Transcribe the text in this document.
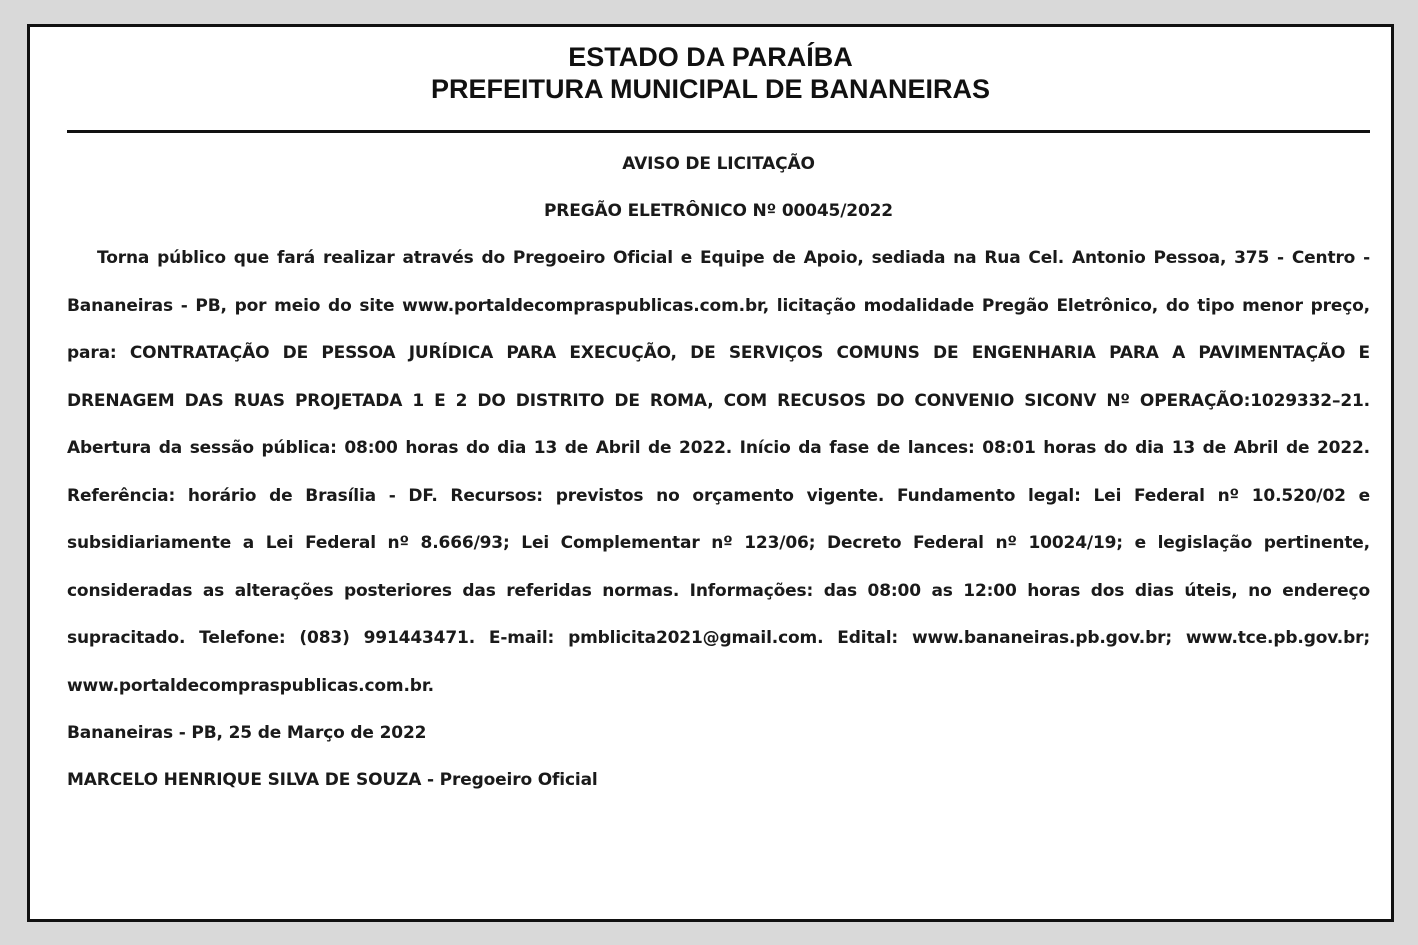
ESTADO DA PARAÍBA
PREFEITURA MUNICIPAL DE BANANEIRAS
AVISO DE LICITAÇÃO
PREGÃO ELETRÔNICO Nº 00045/2022

Torna público que fará realizar através do Pregoeiro Oficial e Equipe de Apoio, sediada na Rua Cel. Antonio Pessoa, 375 - Centro - Bananeiras - PB, por meio do site www.portaldecompraspublicas.com.br, licitação modalidade Pregão Eletrônico, do tipo menor preço, para: CONTRATAÇÃO DE PESSOA JURÍDICA PARA EXECUÇÃO, DE SERVIÇOS COMUNS DE ENGENHARIA PARA A PAVIMENTAÇÃO E DRENAGEM DAS RUAS PROJETADA 1 E 2 DO DISTRITO DE ROMA, COM RECUSOS DO CONVENIO SICONV Nº OPERAÇÃO:1029332–21. Abertura da sessão pública: 08:00 horas do dia 13 de Abril de 2022. Início da fase de lances: 08:01 horas do dia 13 de Abril de 2022. Referência: horário de Brasília - DF. Recursos: previstos no orçamento vigente. Fundamento legal: Lei Federal nº 10.520/02 e subsidiariamente a Lei Federal nº 8.666/93; Lei Complementar nº 123/06; Decreto Federal nº 10024/19; e legislação pertinente, consideradas as alterações posteriores das referidas normas. Informações: das 08:00 as 12:00 horas dos dias úteis, no endereço supracitado. Telefone: (083) 991443471. E-mail: pmblicita2021@gmail.com. Edital: www.bananeiras.pb.gov.br; www.tce.pb.gov.br; www.portaldecompraspublicas.com.br.

Bananeiras - PB, 25 de Março de 2022
MARCELO HENRIQUE SILVA DE SOUZA - Pregoeiro Oficial
